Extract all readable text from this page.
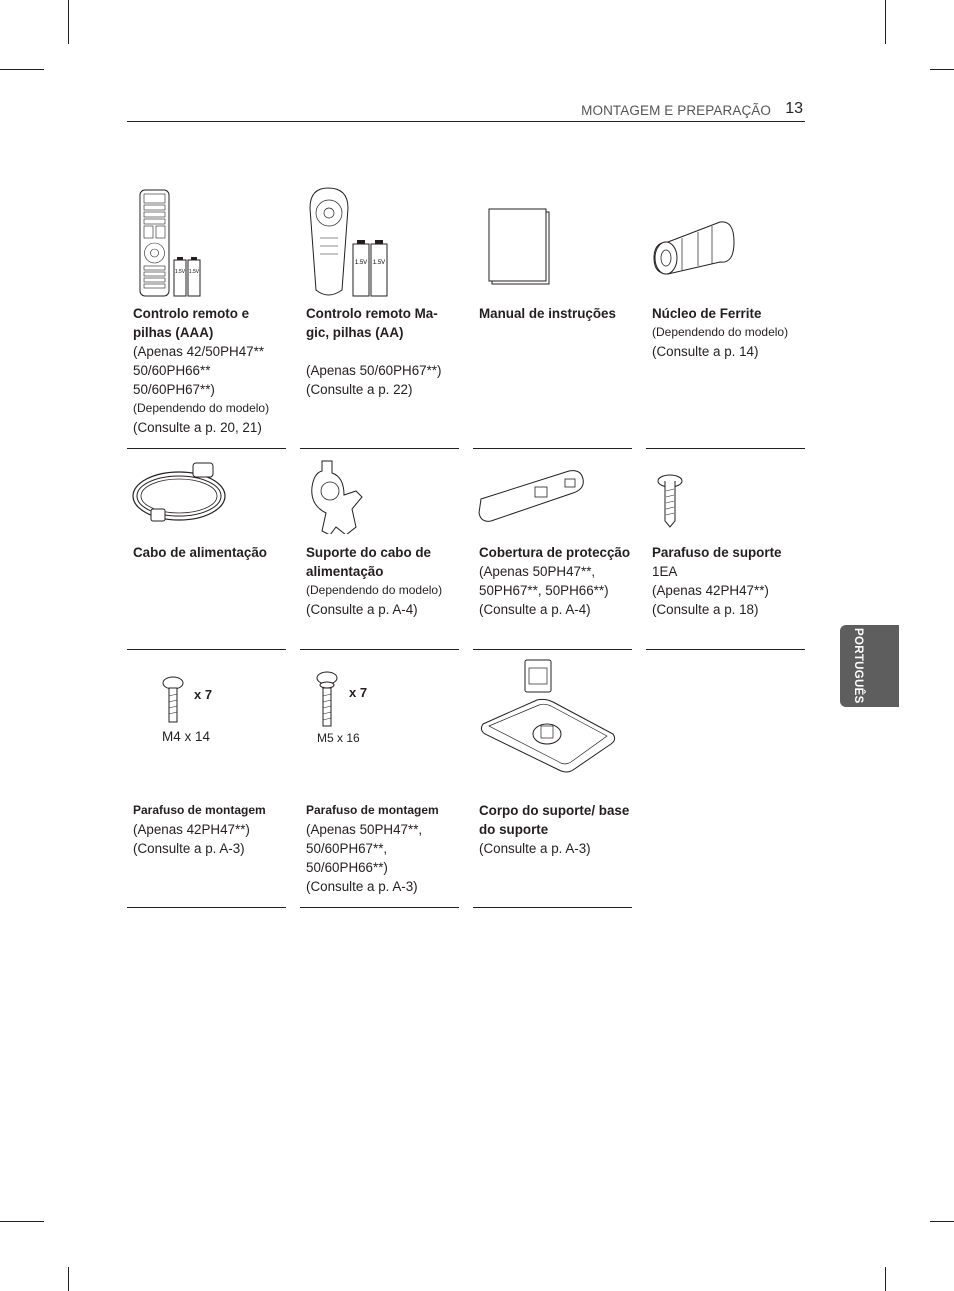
MONTAGEM E PREPARAÇÃO 13
PORTUGUÊS
1.5V 1.5V
Controlo remoto e pilhas (AAA)
(Apenas 42/50PH47**
50/60PH66**
50/60PH67**)
(Dependendo do modelo)
(Consulte a p. 20, 21)
1.5V 1.5V
Controlo remoto Ma-gic, pilhas (AA)
(Apenas 50/60PH67**)
(Consulte a p. 22)
Manual de instruções	Núcleo de Ferrite
(Dependendo do modelo)
(Consulte a p. 14)
Cabo de alimentação	Suporte do cabo de alimentação
(Dependendo do modelo)
(Consulte a p. A-4)
Cobertura de protecção
(Apenas 50PH47**,
50PH67**, 50PH66**)
(Consulte a p. A-4)
Parafuso de suporte
1EA
(Apenas 42PH47**)
(Consulte a p. 18)
x 7
M4 x 14
Parafuso de montagem
(Apenas 42PH47**)
(Consulte a p. A-3)
x 7
M5 x 16
Parafuso de montagem
(Apenas 50PH47**,
50/60PH67**,
50/60PH66**)
(Consulte a p. A-3)
Corpo do suporte/ base do suporte
(Consulte a p. A-3)
